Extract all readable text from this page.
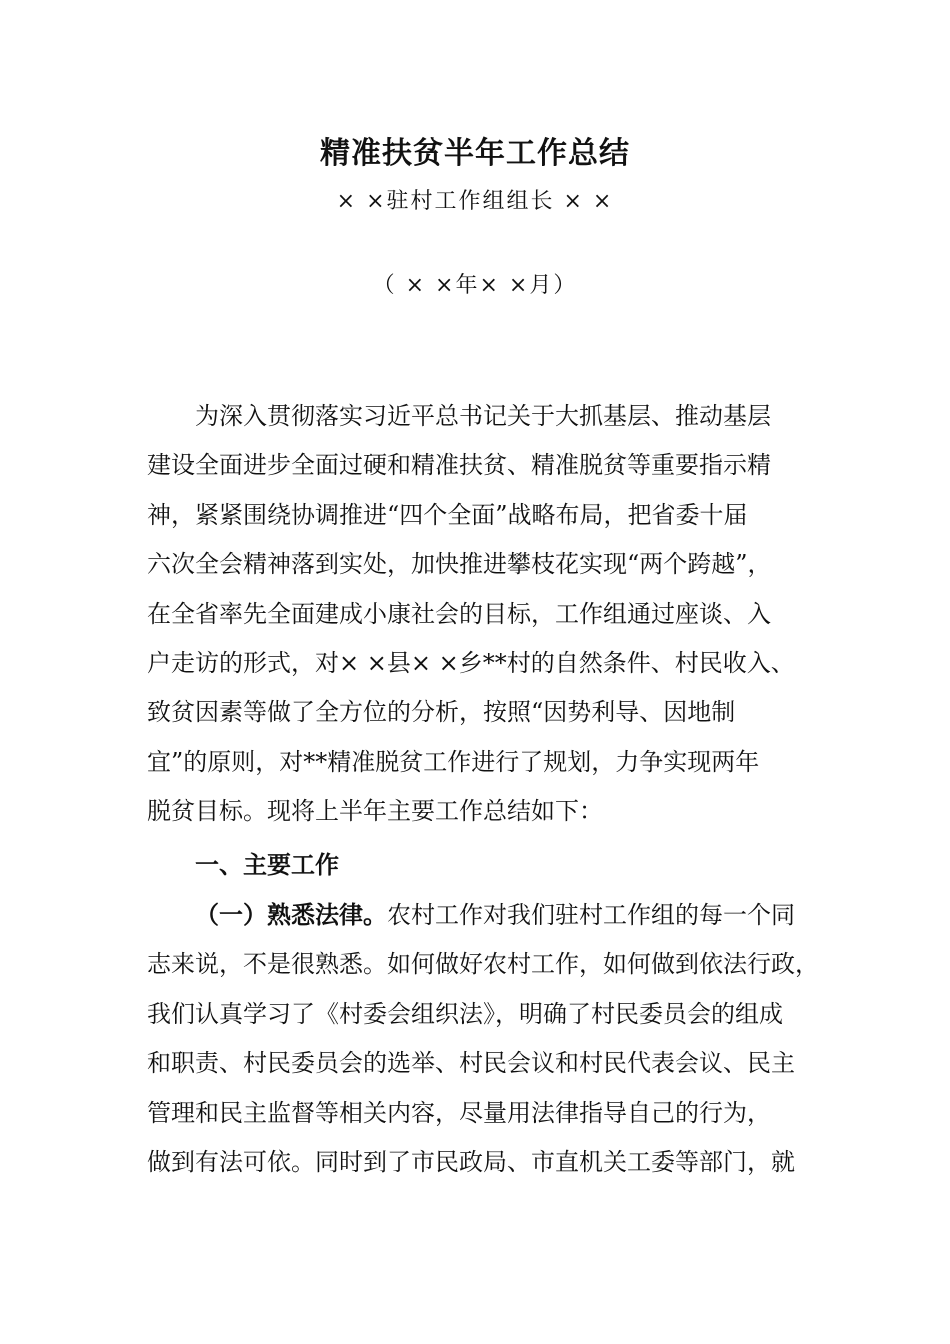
精准扶贫半年工作总结
× ×驻村工作组组长 × ×
（ × ×年× ×月）
为深入贯彻落实习近平总书记关于大抓基层、推动基层
建设全面进步全面过硬和精准扶贫、精准脱贫等重要指示精
神，紧紧围绕协调推进“四个全面”战略布局，把省委十届
六次全会精神落到实处，加快推进攀枝花实现“两个跨越”，
在全省率先全面建成小康社会的目标，工作组通过座谈、入
户走访的形式，对× ×县× ×乡**村的自然条件、村民收入、
致贫因素等做了全方位的分析，按照“因势利导、因地制
宜”的原则，对**精准脱贫工作进行了规划，力争实现两年
脱贫目标。现将上半年主要工作总结如下：
一、主要工作
（一）熟悉法律。农村工作对我们驻村工作组的每一个同
志来说，不是很熟悉。如何做好农村工作，如何做到依法行政，
我们认真学习了《村委会组织法》，明确了村民委员会的组成
和职责、村民委员会的选举、村民会议和村民代表会议、民主
管理和民主监督等相关内容，尽量用法律指导自己的行为，
做到有法可依。同时到了市民政局、市直机关工委等部门，就
